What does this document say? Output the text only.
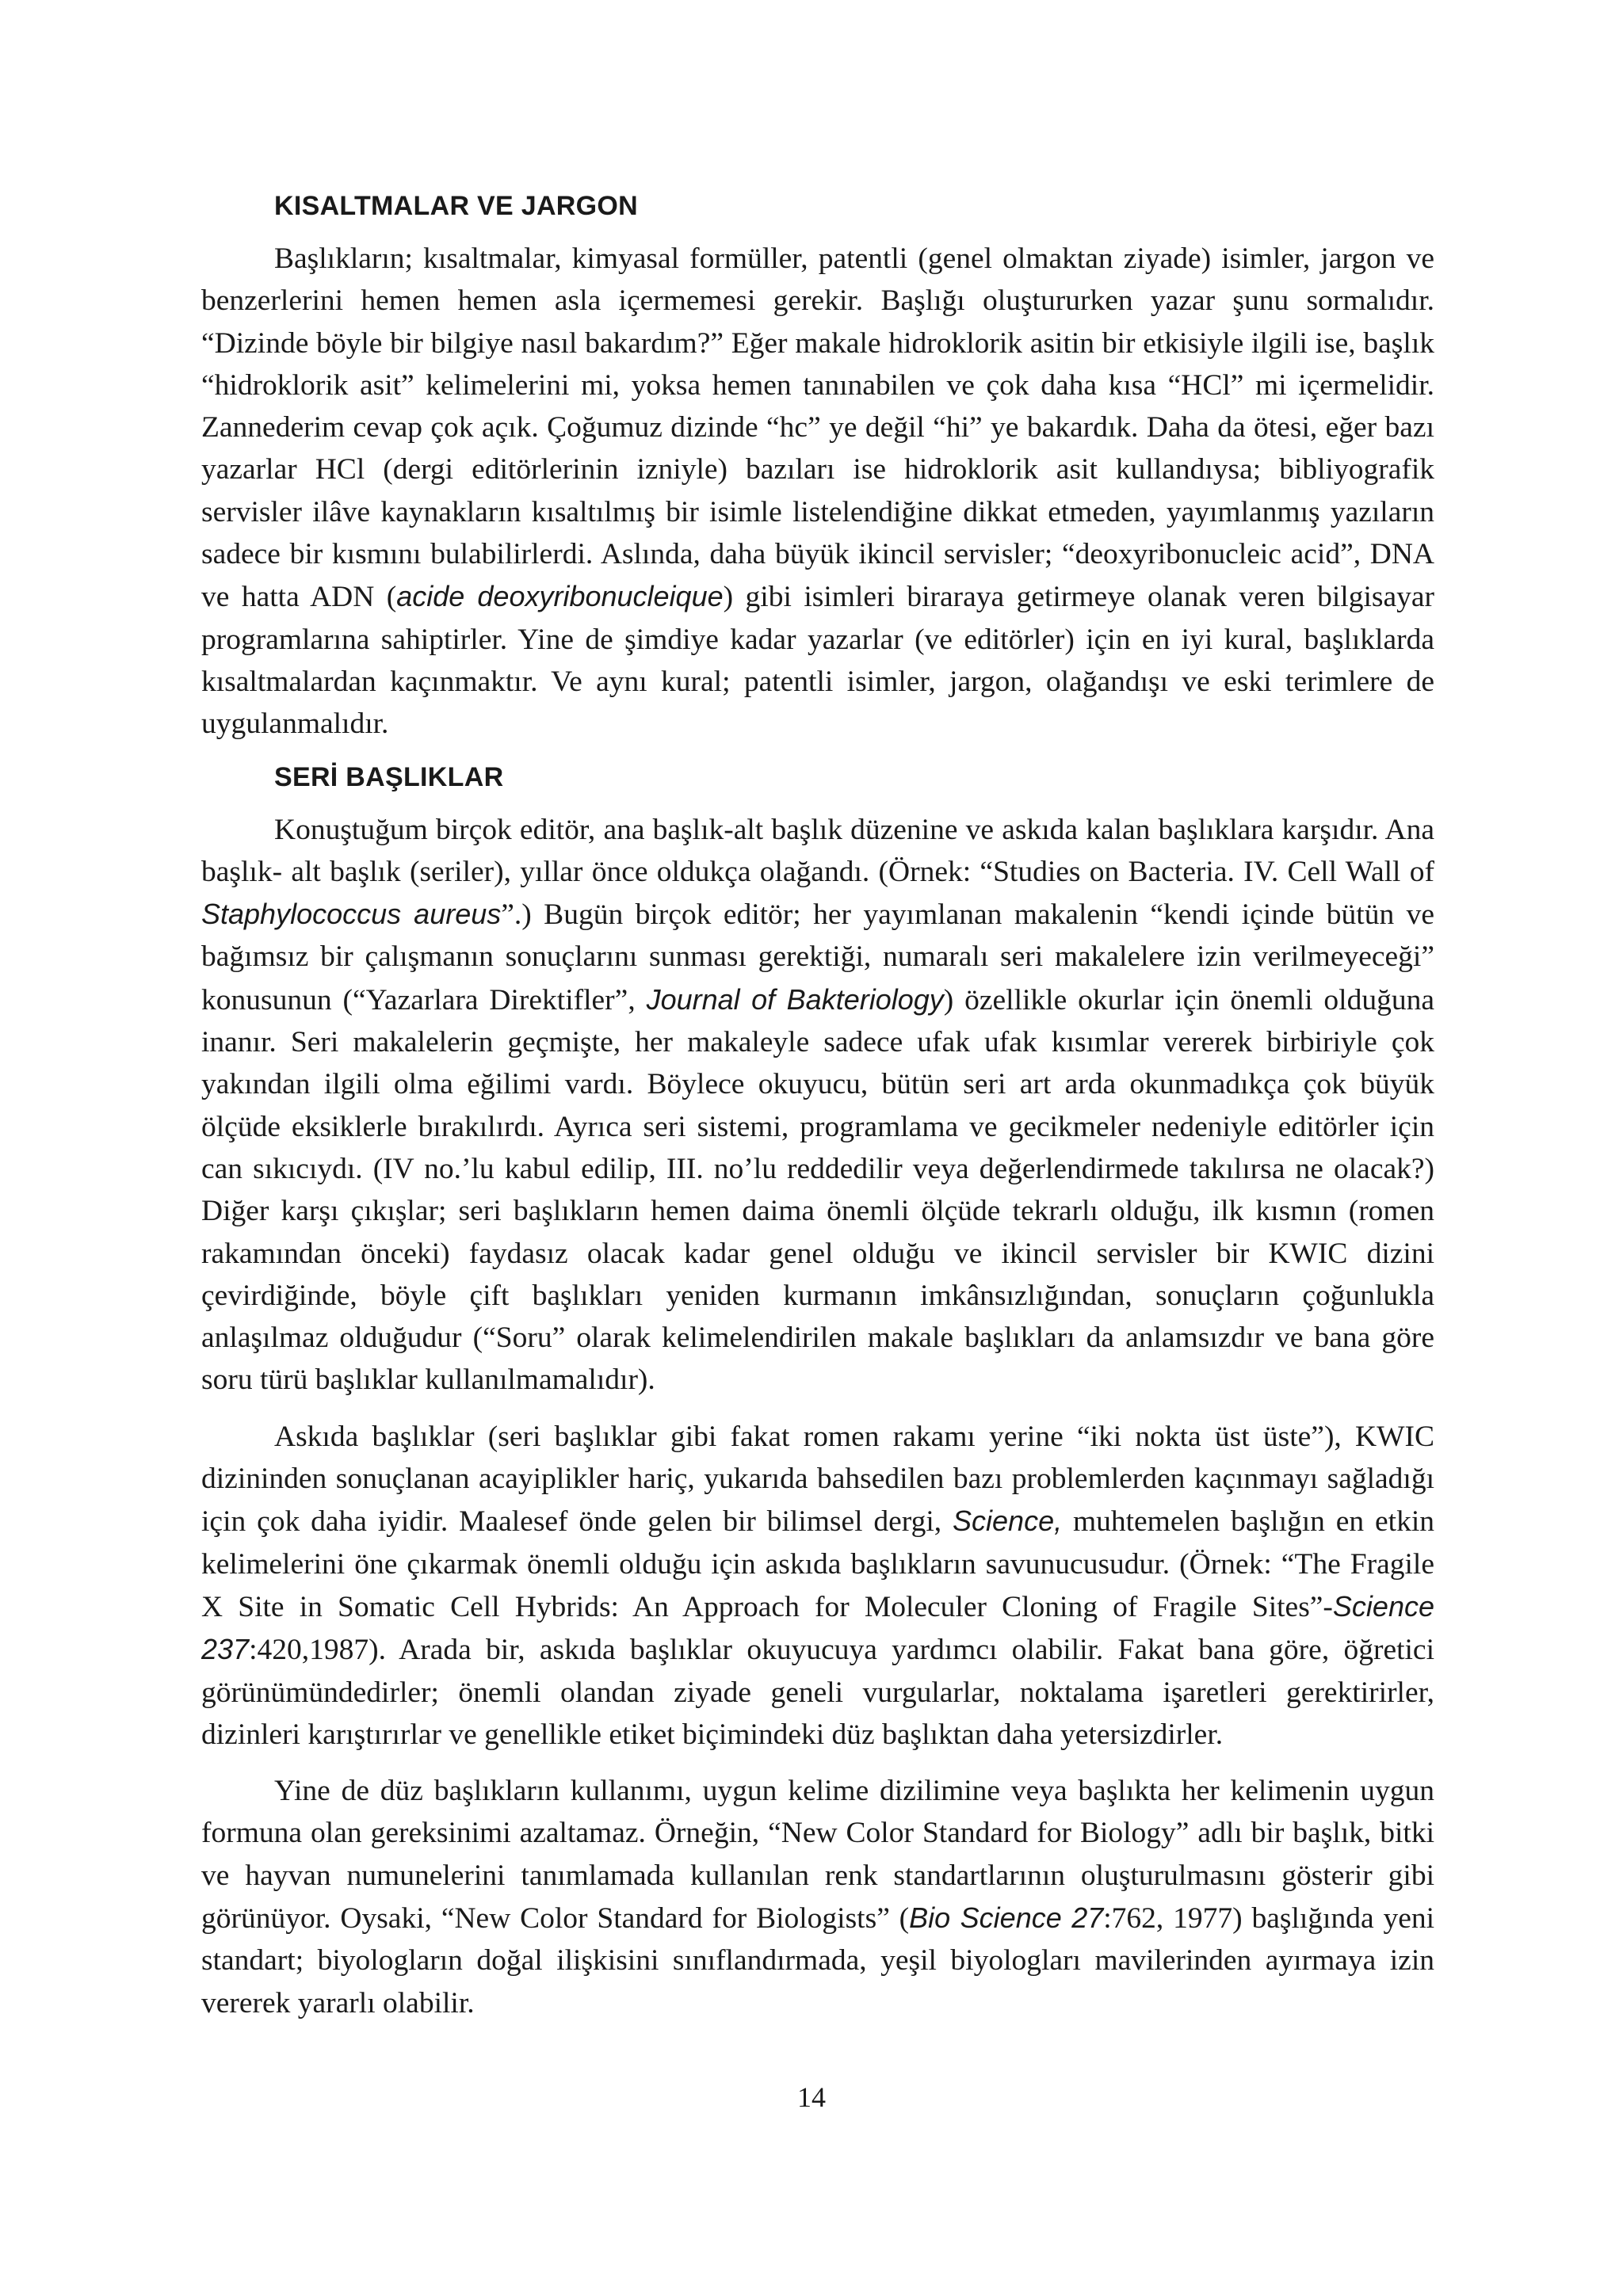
KISALTMALAR VE JARGON

Başlıkların; kısaltmalar, kimyasal formüller, patentli (genel olmaktan ziyade) isimler, jargon ve benzerlerini hemen hemen asla içermemesi gerekir. Başlığı oluştururken yazar şunu sormalıdır. “Dizinde böyle bir bilgiye nasıl bakardım?” Eğer makale hidroklorik asitin bir etkisiyle ilgili ise, başlık “hidroklorik asit” kelimelerini mi, yoksa hemen tanınabilen ve çok daha kısa “HCl” mi içermelidir. Zannederim cevap çok açık. Çoğumuz dizinde “hc” ye değil “hi” ye bakardık. Daha da ötesi, eğer bazı yazarlar HCl (dergi editörlerinin izniyle) bazıları ise hidroklorik asit kullandıysa; bibliyografik servisler ilâve kaynakların kısaltılmış bir isimle listelendiğine dikkat etmeden, yayımlanmış yazıların sadece bir kısmını bulabilirlerdi. Aslında, daha büyük ikincil servisler; “deoxyribonucleic acid”, DNA ve hatta ADN (acide deoxyribonucleique) gibi isimleri biraraya getirmeye olanak veren bilgisayar programlarına sahiptirler. Yine de şimdiye kadar yazarlar (ve editörler) için en iyi kural, başlıklarda kısaltmalardan kaçınmaktır. Ve aynı kural; patentli isimler, jargon, olağandışı ve eski terimlere de uygulanmalıdır.

SERİ BAŞLIKLAR

Konuştuğum birçok editör, ana başlık-alt başlık düzenine ve askıda kalan başlıklara karşıdır. Ana başlık- alt başlık (seriler), yıllar önce oldukça olağandı. (Örnek: “Studies on Bacteria. IV. Cell Wall of Staphylococcus aureus”.) Bugün birçok editör; her yayımlanan makalenin “kendi içinde bütün ve bağımsız bir çalışmanın sonuçlarını sunması gerektiği, numaralı seri makalelere izin verilmeyeceği” konusunun (“Yazarlara Direktifler”, Journal of Bakteriology) özellikle okurlar için önemli olduğuna inanır. Seri makalelerin geçmişte, her makaleyle sadece ufak ufak kısımlar vererek birbiriyle çok yakından ilgili olma eğilimi vardı. Böylece okuyucu, bütün seri art arda okunmadıkça çok büyük ölçüde eksiklerle bırakılırdı. Ayrıca seri sistemi, programlama ve gecikmeler nedeniyle editörler için can sıkıcıydı. (IV no.’lu kabul edilip, III. no’lu reddedilir veya değerlendirmede takılırsa ne olacak?) Diğer karşı çıkışlar; seri başlıkların hemen daima önemli ölçüde tekrarlı olduğu, ilk kısmın (romen rakamından önceki) faydasız olacak kadar genel olduğu ve ikincil servisler bir KWIC dizini çevirdiğinde, böyle çift başlıkları yeniden kurmanın imkânsızlığından, sonuçların çoğunlukla anlaşılmaz olduğudur (“Soru” olarak kelimelendirilen makale başlıkları da anlamsızdır ve bana göre soru türü başlıklar kullanılmamalıdır).

Askıda başlıklar (seri başlıklar gibi fakat romen rakamı yerine “iki nokta üst üste”), KWIC dizininden sonuçlanan acayiplikler hariç, yukarıda bahsedilen bazı problemlerden kaçınmayı sağladığı için çok daha iyidir. Maalesef önde gelen bir bilimsel dergi, Science, muhtemelen başlığın en etkin kelimelerini öne çıkarmak önemli olduğu için askıda başlıkların savunucusudur. (Örnek: “The Fragile X Site in Somatic Cell Hybrids: An Approach for Moleculer Cloning of Fragile Sites”-Science 237:420,1987). Arada bir, askıda başlıklar okuyucuya yardımcı olabilir. Fakat bana göre, öğretici görünümündedirler; önemli olandan ziyade geneli vurgularlar, noktalama işaretleri gerektirirler, dizinleri karıştırırlar ve genellikle etiket biçimindeki düz başlıktan daha yetersizdirler.

Yine de düz başlıkların kullanımı, uygun kelime dizilimine veya başlıkta her kelimenin uygun formuna olan gereksinimi azaltamaz. Örneğin, “New Color Standard for Biology” adlı bir başlık, bitki ve hayvan numunelerini tanımlamada kullanılan renk standartlarının oluşturulmasını gösterir gibi görünüyor. Oysaki, “New Color Standard for Biologists” (Bio Science 27:762, 1977) başlığında yeni standart; biyologların doğal ilişkisini sınıflandırmada, yeşil biyologları mavilerinden ayırmaya izin vererek yararlı olabilir.

14
